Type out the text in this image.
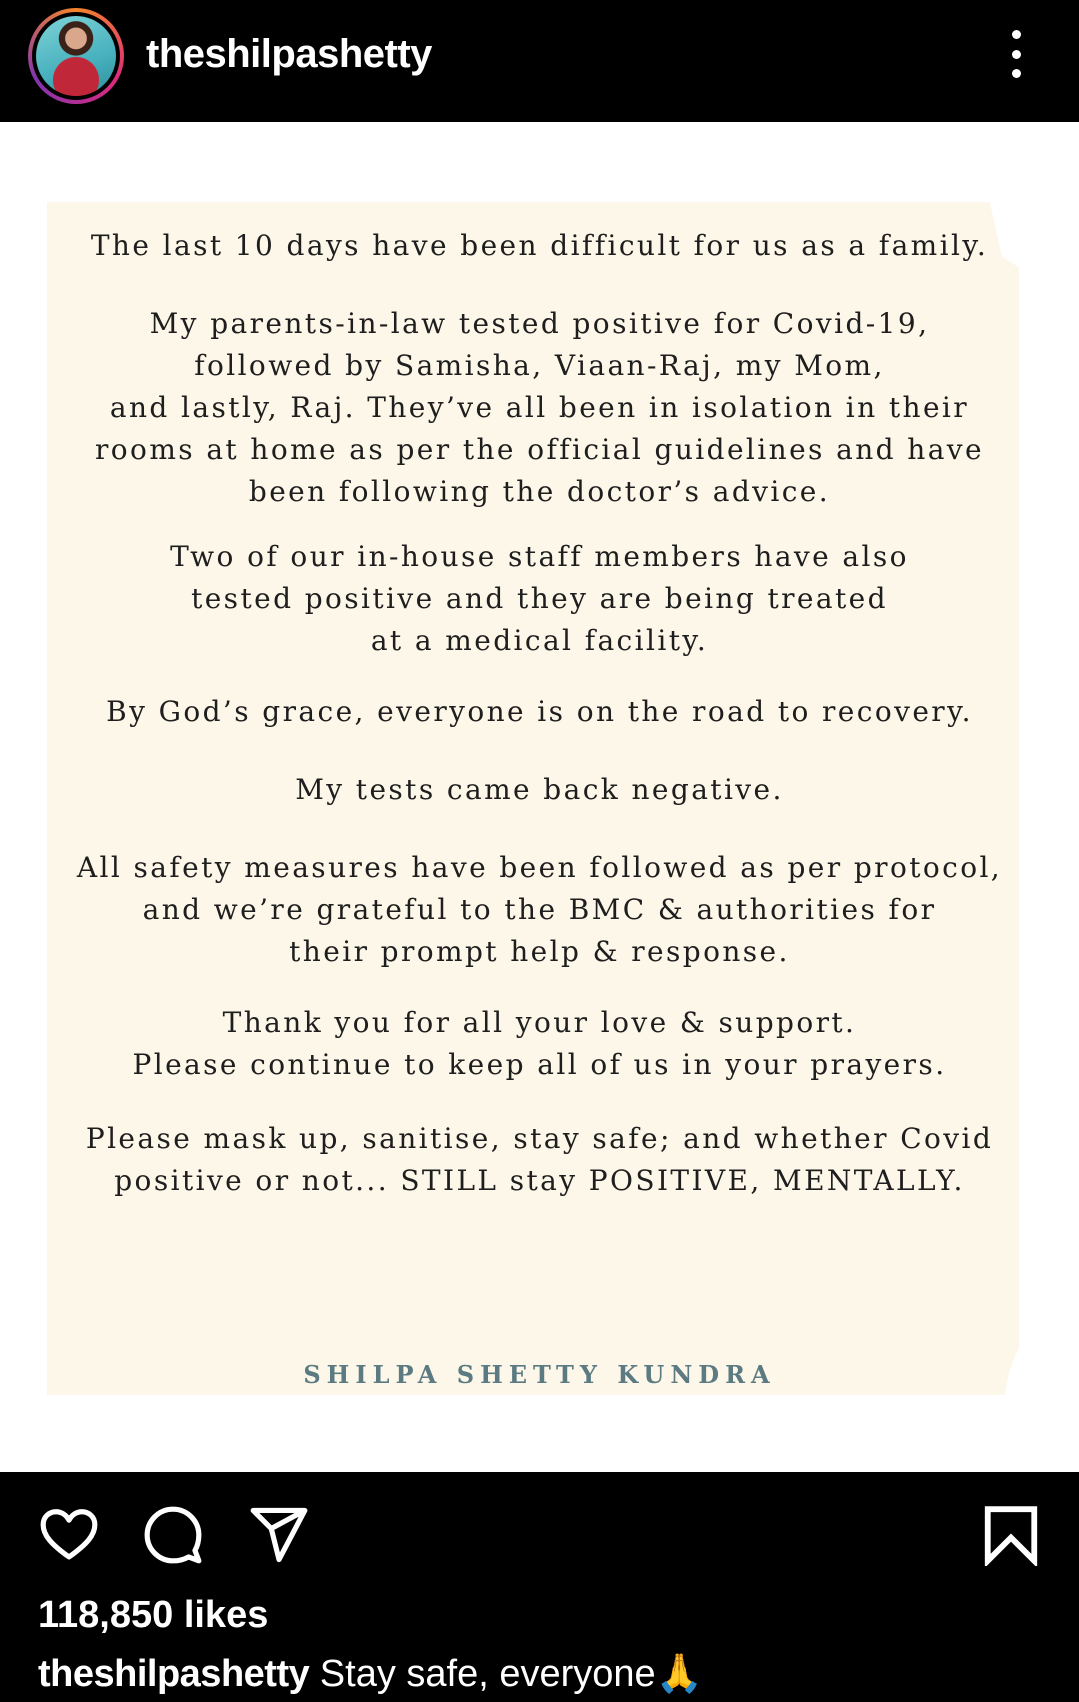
theshilpashetty

The last 10 days have been difficult for us as a family.

My parents-in-law tested positive for Covid-19,
followed by Samisha, Viaan-Raj, my Mom,
and lastly, Raj. They’ve all been in isolation in their
rooms at home as per the official guidelines and have
been following the doctor’s advice.

Two of our in-house staff members have also
tested positive and they are being treated
at a medical facility.

By God’s grace, everyone is on the road to recovery.

My tests came back negative.

All safety measures have been followed as per protocol,
and we’re grateful to the BMC & authorities for
their prompt help & response.

Thank you for all your love & support.
Please continue to keep all of us in your prayers.

Please mask up, sanitise, stay safe; and whether Covid
positive or not... STILL stay POSITIVE, MENTALLY.

SHILPA SHETTY KUNDRA
118,850 likes
theshilpashetty Stay safe, everyone🙏
